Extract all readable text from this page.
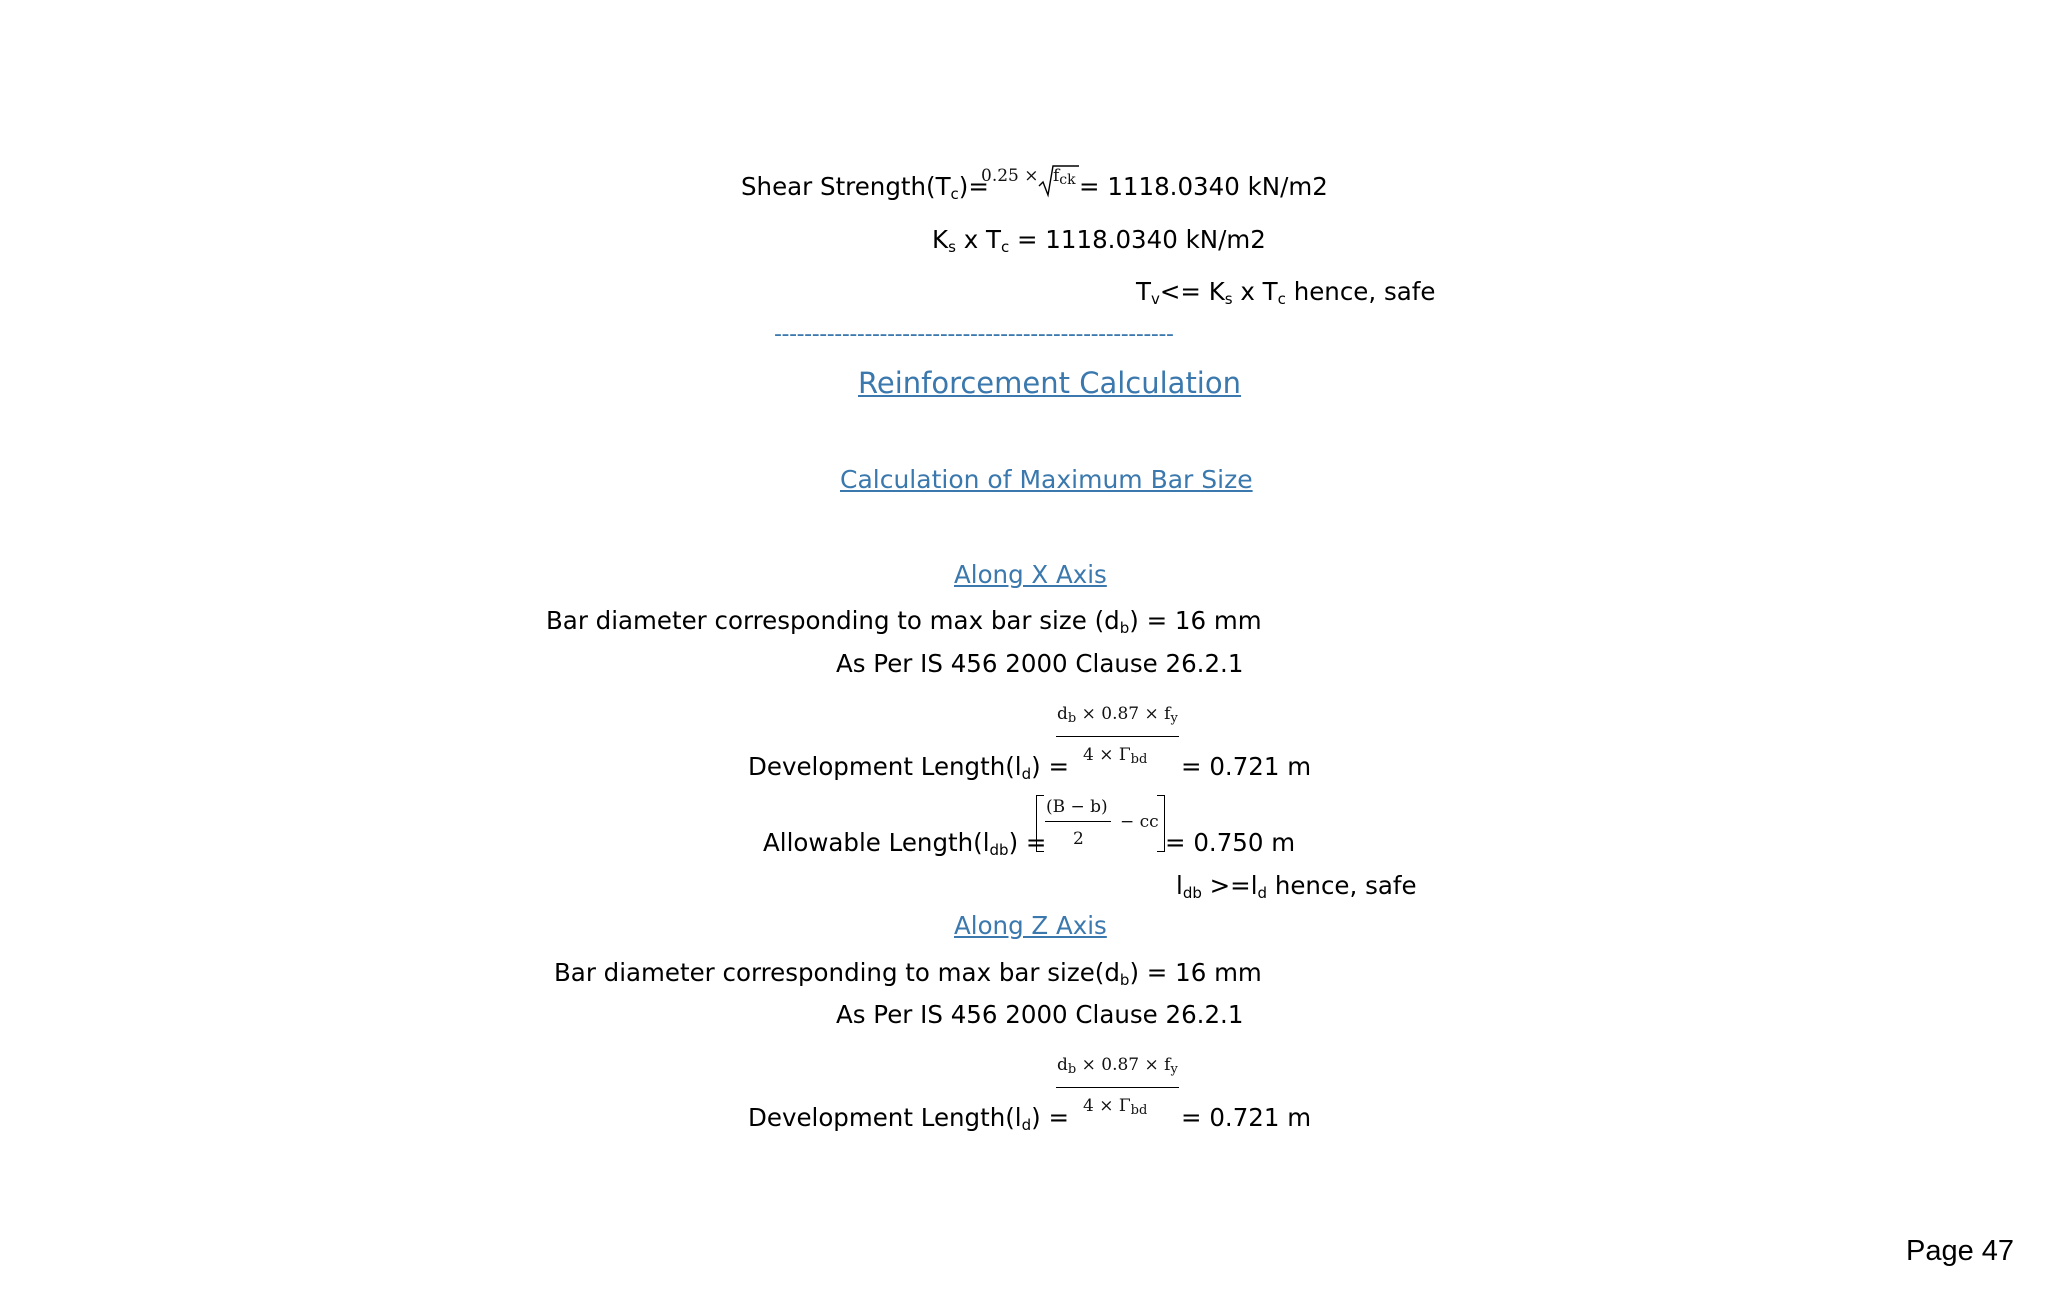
Shear $Strength(T_c)=$
$0.25 \times f_{ck} = 1118.0340$ kN/m2
$K_s$ x $T_c = 1118.0340$ kN/m2
$T_v<= K_s$ x $T_c$ hence, safe
-----------------------------------------------------
Reinforcement Calculation
Calculation of Maximum Bar Size
Along X Axis
Bar diameter corresponding to max bar size $(d_b) = 16$ mm
As Per IS 456 2000 Clause 26.2.1
$d_b \times 0.87 \times f_y$
$4 \times \Gamma_{bd}$
Development $Length(l_d)$ =	= 0.721 m
(B − b)
2
− cc
Allowable $Length(l_{db})$ =	= 0.750 m
$l_{db} >=l_d$ hence, safe
Along Z Axis
Bar diameter corresponding to max bar $size(d_b) = 16$ mm
As Per IS 456 2000 Clause 26.2.1
$d_b \times 0.87 \times f_y$
$4 \times \Gamma_{bd}$
Development $Length(l_d)$ =	= 0.721 m
Page 47
